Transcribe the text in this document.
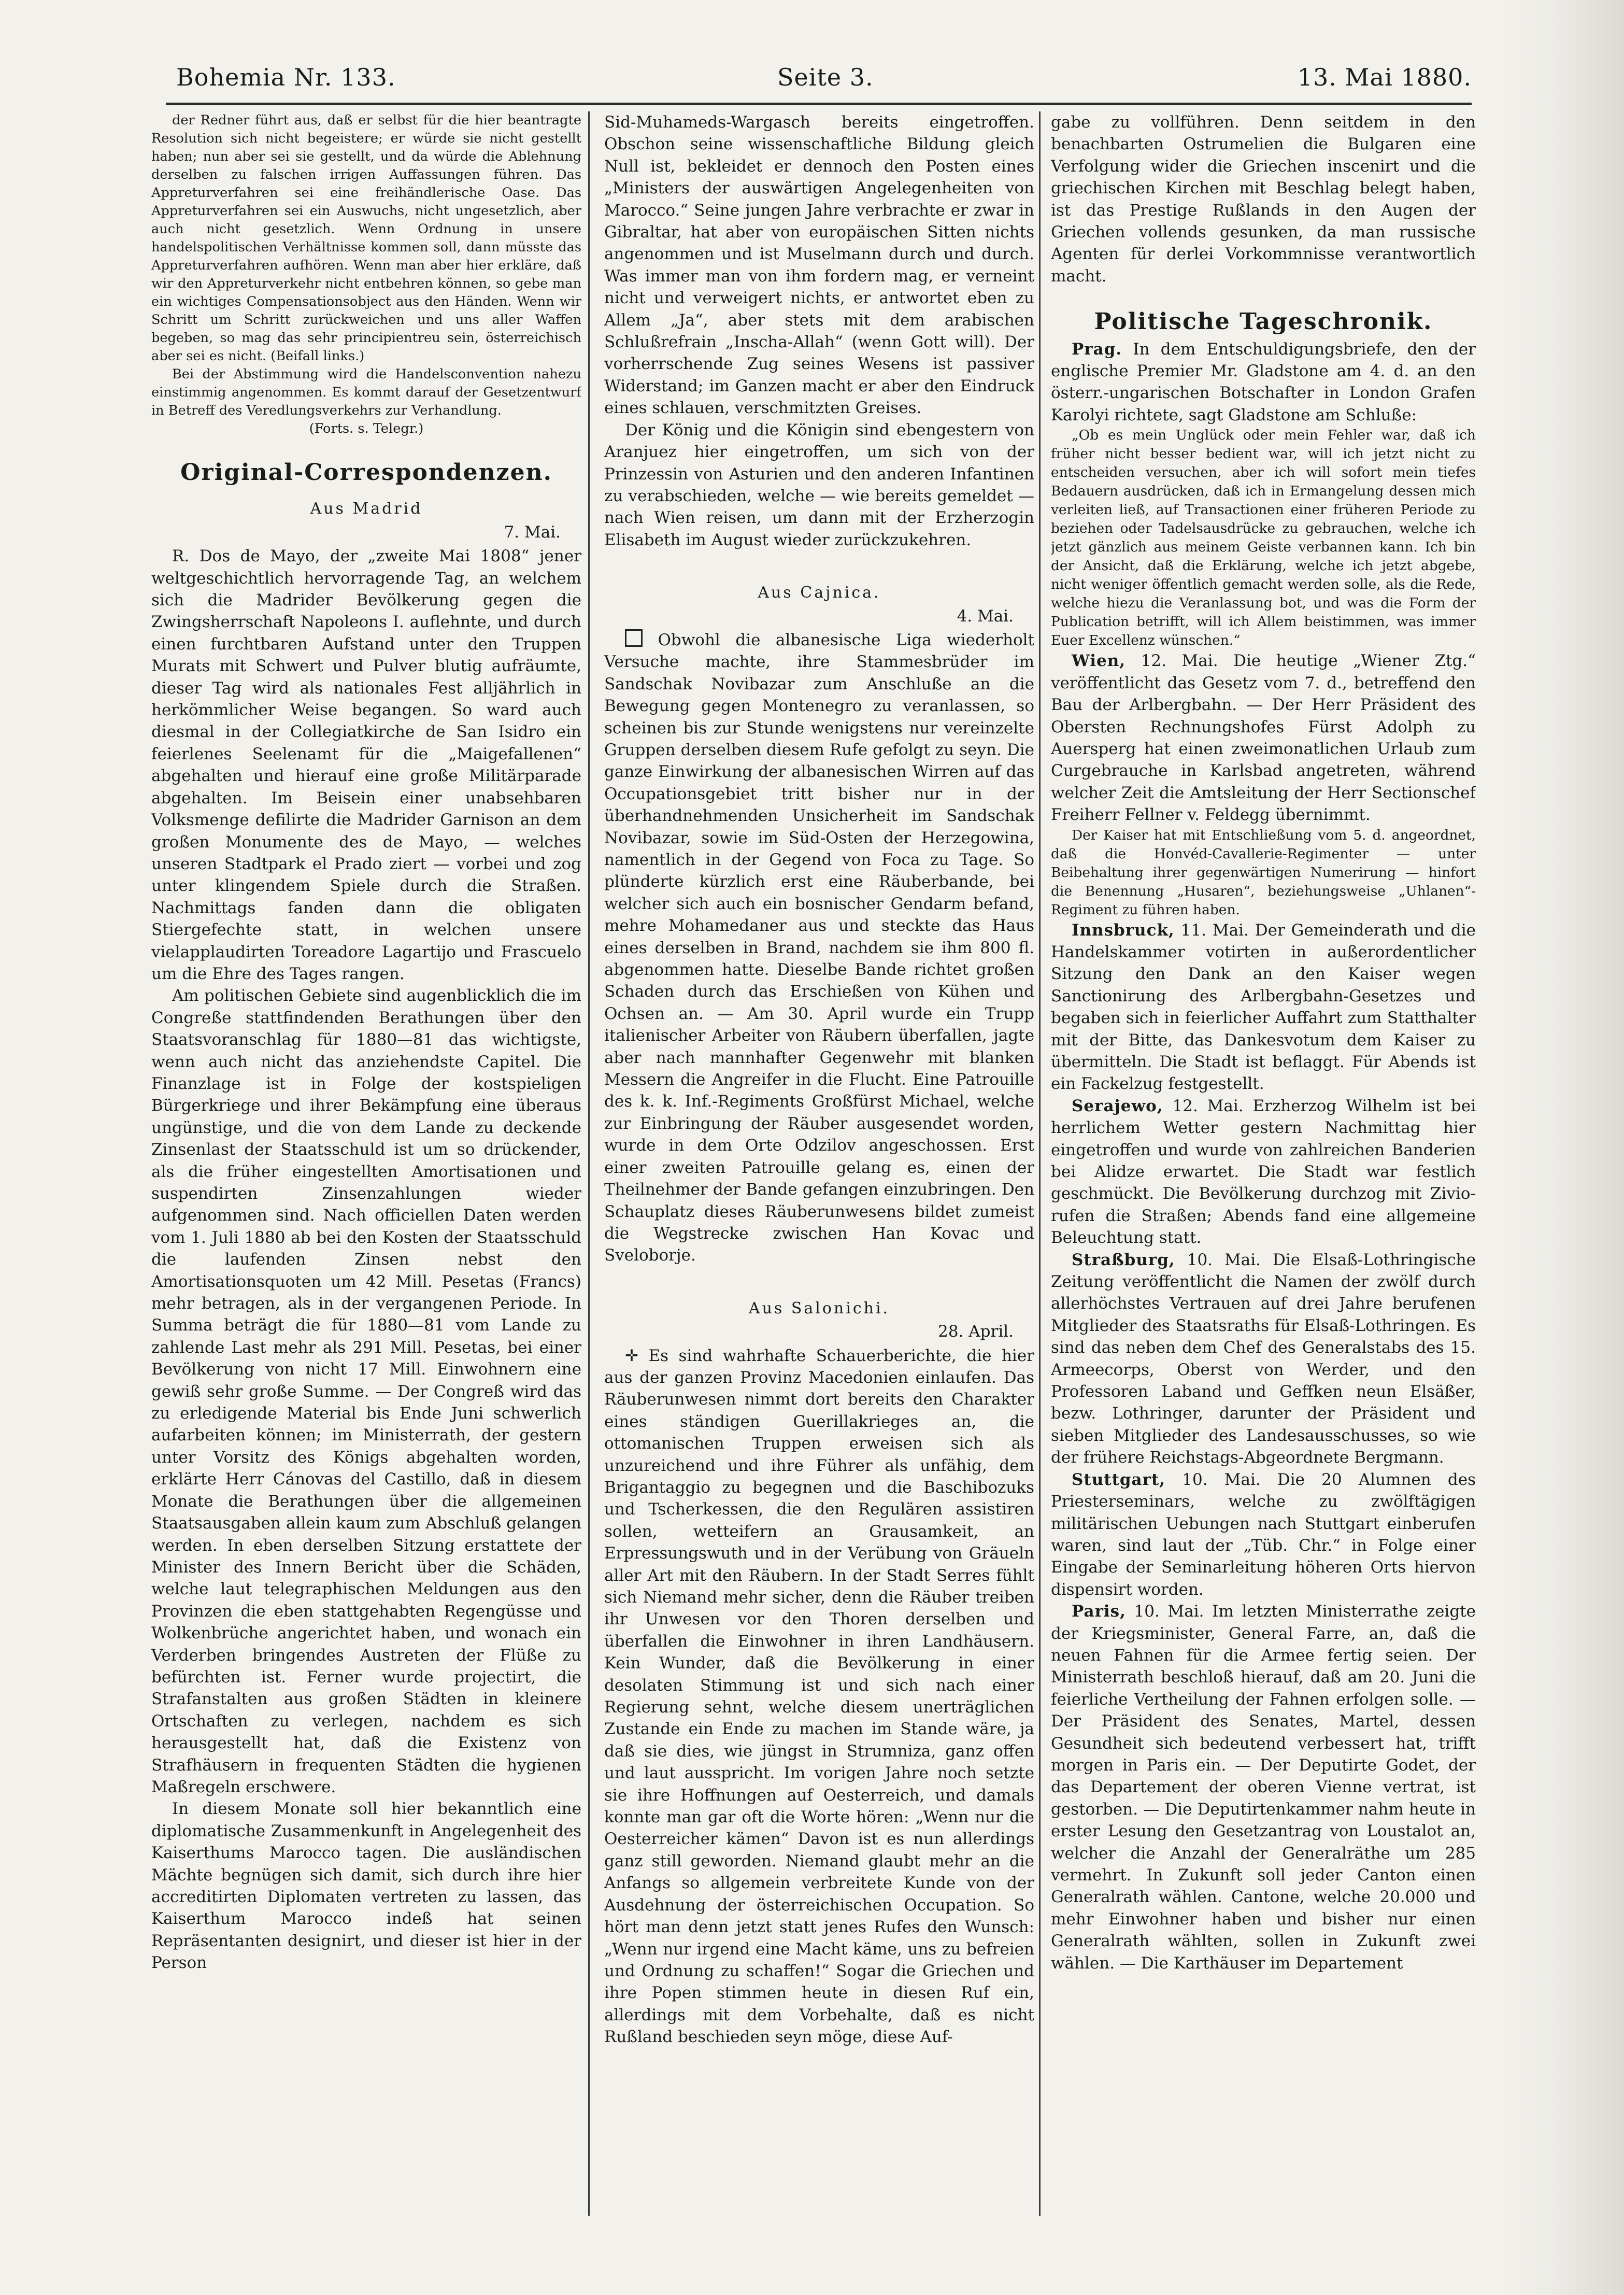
Bohemia Nr. 133.	Seite 3.	13. Mai 1880.

der Redner führt aus, daß er selbst für die hier beantragte Resolution sich nicht begeistere; er würde sie nicht gestellt haben; nun aber sei sie gestellt, und da würde die Ablehnung derselben zu falschen irrigen Auffassungen führen. Das Appreturverfahren sei eine freihändlerische Oase. Das Appreturverfahren sei ein Auswuchs, nicht ungesetzlich, aber auch nicht gesetzlich. Wenn Ordnung in unsere handelspolitischen Verhältnisse kommen soll, dann müsste das Appreturverfahren aufhören. Wenn man aber hier erkläre, daß wir den Appreturverkehr nicht entbehren können, so gebe man ein wichtiges Compensationsobject aus den Händen. Wenn wir Schritt um Schritt zurückweichen und uns aller Waffen begeben, so mag das sehr principientreu sein, österreichisch aber sei es nicht. (Beifall links.)

Bei der Abstimmung wird die Handelsconvention nahezu einstimmig angenommen. Es kommt darauf der Gesetzentwurf in Betreff des Veredlungsverkehrs zur Verhandlung.

(Forts. s. Telegr.)

Original-Correspondenzen.
Aus Madrid
7. Mai.

R. Dos de Mayo, der „zweite Mai 1808“ jener weltgeschichtlich hervorragende Tag, an welchem sich die Madrider Bevölkerung gegen die Zwingsherrschaft Napoleons I. auflehnte, und durch einen furchtbaren Aufstand unter den Truppen Murats mit Schwert und Pulver blutig aufräumte, dieser Tag wird als nationales Fest alljährlich in herkömmlicher Weise begangen. So ward auch diesmal in der Collegiatkirche de San Isidro ein feierlenes Seelenamt für die „Maigefallenen“ abgehalten und hierauf eine große Militärparade abgehalten. Im Beisein einer unabsehbaren Volksmenge defilirte die Madrider Garnison an dem großen Monumente des de Mayo, — welches unseren Stadtpark el Prado ziert — vorbei und zog unter klingendem Spiele durch die Straßen. Nachmittags fanden dann die obligaten Stiergefechte statt, in welchen unsere vielapplaudirten Toreadore Lagartijo und Frascuelo um die Ehre des Tages rangen.

Am politischen Gebiete sind augenblicklich die im Congreße stattfindenden Berathungen über den Staatsvoranschlag für 1880—81 das wichtigste, wenn auch nicht das anziehendste Capitel. Die Finanzlage ist in Folge der kostspieligen Bürgerkriege und ihrer Bekämpfung eine überaus ungünstige, und die von dem Lande zu deckende Zinsenlast der Staatsschuld ist um so drückender, als die früher eingestellten Amortisationen und suspendirten Zinsenzahlungen wieder aufgenommen sind. Nach officiellen Daten werden vom 1. Juli 1880 ab bei den Kosten der Staatsschuld die laufenden Zinsen nebst den Amortisationsquoten um 42 Mill. Pesetas (Francs) mehr betragen, als in der vergangenen Periode. In Summa beträgt die für 1880—81 vom Lande zu zahlende Last mehr als 291 Mill. Pesetas, bei einer Bevölkerung von nicht 17 Mill. Einwohnern eine gewiß sehr große Summe. — Der Congreß wird das zu erledigende Material bis Ende Juni schwerlich aufarbeiten können; im Ministerrath, der gestern unter Vorsitz des Königs abgehalten worden, erklärte Herr Cánovas del Castillo, daß in diesem Monate die Berathungen über die allgemeinen Staatsausgaben allein kaum zum Abschluß gelangen werden. In eben derselben Sitzung erstattete der Minister des Innern Bericht über die Schäden, welche laut telegraphischen Meldungen aus den Provinzen die eben stattgehabten Regengüsse und Wolkenbrüche angerichtet haben, und wonach ein Verderben bringendes Austreten der Flüße zu befürchten ist. Ferner wurde projectirt, die Strafanstalten aus großen Städten in kleinere Ortschaften zu verlegen, nachdem es sich herausgestellt hat, daß die Existenz von Strafhäusern in frequenten Städten die hygienen Maßregeln erschwere.

In diesem Monate soll hier bekanntlich eine diplomatische Zusammenkunft in Angelegenheit des Kaiserthums Marocco tagen. Die ausländischen Mächte begnügen sich damit, sich durch ihre hier accreditirten Diplomaten vertreten zu lassen, das Kaiserthum Marocco indeß hat seinen Repräsentanten designirt, und dieser ist hier in der Person

Sid-Muhameds-Wargasch bereits eingetroffen. Obschon seine wissenschaftliche Bildung gleich Null ist, bekleidet er dennoch den Posten eines „Ministers der auswärtigen Angelegenheiten von Marocco.“ Seine jungen Jahre verbrachte er zwar in Gibraltar, hat aber von europäischen Sitten nichts angenommen und ist Muselmann durch und durch. Was immer man von ihm fordern mag, er verneint nicht und verweigert nichts, er antwortet eben zu Allem „Ja“, aber stets mit dem arabischen Schlußrefrain „Inscha-Allah“ (wenn Gott will). Der vorherrschende Zug seines Wesens ist passiver Widerstand; im Ganzen macht er aber den Eindruck eines schlauen, verschmitzten Greises.

Der König und die Königin sind ebengestern von Aranjuez hier eingetroffen, um sich von der Prinzessin von Asturien und den anderen Infantinen zu verabschieden, welche — wie bereits gemeldet — nach Wien reisen, um dann mit der Erzherzogin Elisabeth im August wieder zurückzukehren.

Aus Cajnica.
4. Mai.

Obwohl die albanesische Liga wiederholt Versuche machte, ihre Stammesbrüder im Sandschak Novibazar zum Anschluße an die Bewegung gegen Montenegro zu veranlassen, so scheinen bis zur Stunde wenigstens nur vereinzelte Gruppen derselben diesem Rufe gefolgt zu seyn. Die ganze Einwirkung der albanesischen Wirren auf das Occupationsgebiet tritt bisher nur in der überhandnehmenden Unsicherheit im Sandschak Novibazar, sowie im Süd-Osten der Herzegowina, namentlich in der Gegend von Foca zu Tage. So plünderte kürzlich erst eine Räuberbande, bei welcher sich auch ein bosnischer Gendarm befand, mehre Mohamedaner aus und steckte das Haus eines derselben in Brand, nachdem sie ihm 800 fl. abgenommen hatte. Dieselbe Bande richtet großen Schaden durch das Erschießen von Kühen und Ochsen an. — Am 30. April wurde ein Trupp italienischer Arbeiter von Räubern überfallen, jagte aber nach mannhafter Gegenwehr mit blanken Messern die Angreifer in die Flucht. Eine Patrouille des k. k. Inf.-Regiments Großfürst Michael, welche zur Einbringung der Räuber ausgesendet worden, wurde in dem Orte Odzilov angeschossen. Erst einer zweiten Patrouille gelang es, einen der Theilnehmer der Bande gefangen einzubringen. Den Schauplatz dieses Räuberunwesens bildet zumeist die Wegstrecke zwischen Han Kovac und Sveloborje.

Aus Salonichi.
28. April.

✛ Es sind wahrhafte Schauerberichte, die hier aus der ganzen Provinz Macedonien einlaufen. Das Räuberunwesen nimmt dort bereits den Charakter eines ständigen Guerillakrieges an, die ottomanischen Truppen erweisen sich als unzureichend und ihre Führer als unfähig, dem Brigantaggio zu begegnen und die Baschibozuks und Tscherkessen, die den Regulären assistiren sollen, wetteifern an Grausamkeit, an Erpressungswuth und in der Verübung von Gräueln aller Art mit den Räubern. In der Stadt Serres fühlt sich Niemand mehr sicher, denn die Räuber treiben ihr Unwesen vor den Thoren derselben und überfallen die Einwohner in ihren Landhäusern. Kein Wunder, daß die Bevölkerung in einer desolaten Stimmung ist und sich nach einer Regierung sehnt, welche diesem unerträglichen Zustande ein Ende zu machen im Stande wäre, ja daß sie dies, wie jüngst in Strumniza, ganz offen und laut ausspricht. Im vorigen Jahre noch setzte sie ihre Hoffnungen auf Oesterreich, und damals konnte man gar oft die Worte hören: „Wenn nur die Oesterreicher kämen“ Davon ist es nun allerdings ganz still geworden. Niemand glaubt mehr an die Anfangs so allgemein verbreitete Kunde von der Ausdehnung der österreichischen Occupation. So hört man denn jetzt statt jenes Rufes den Wunsch: „Wenn nur irgend eine Macht käme, uns zu befreien und Ordnung zu schaffen!“ Sogar die Griechen und ihre Popen stimmen heute in diesen Ruf ein, allerdings mit dem Vorbehalte, daß es nicht Rußland beschieden seyn möge, diese Auf-

gabe zu vollführen. Denn seitdem in den benachbarten Ostrumelien die Bulgaren eine Verfolgung wider die Griechen inscenirt und die griechischen Kirchen mit Beschlag belegt haben, ist das Prestige Rußlands in den Augen der Griechen vollends gesunken, da man russische Agenten für derlei Vorkommnisse verantwortlich macht.

Politische Tageschronik.

Prag. In dem Entschuldigungsbriefe, den der englische Premier Mr. Gladstone am 4. d. an den österr.-ungarischen Botschafter in London Grafen Karolyi richtete, sagt Gladstone am Schluße:

„Ob es mein Unglück oder mein Fehler war, daß ich früher nicht besser bedient war, will ich jetzt nicht zu entscheiden versuchen, aber ich will sofort mein tiefes Bedauern ausdrücken, daß ich in Ermangelung dessen mich verleiten ließ, auf Transactionen einer früheren Periode zu beziehen oder Tadelsausdrücke zu gebrauchen, welche ich jetzt gänzlich aus meinem Geiste verbannen kann. Ich bin der Ansicht, daß die Erklärung, welche ich jetzt abgebe, nicht weniger öffentlich gemacht werden solle, als die Rede, welche hiezu die Veranlassung bot, und was die Form der Publication betrifft, will ich Allem beistimmen, was immer Euer Excellenz wünschen.“

Wien, 12. Mai. Die heutige „Wiener Ztg.“ veröffentlicht das Gesetz vom 7. d., betreffend den Bau der Arlbergbahn. — Der Herr Präsident des Obersten Rechnungshofes Fürst Adolph zu Auersperg hat einen zweimonatlichen Urlaub zum Curgebrauche in Karlsbad angetreten, während welcher Zeit die Amtsleitung der Herr Sectionschef Freiherr Fellner v. Feldegg übernimmt.

Der Kaiser hat mit Entschließung vom 5. d. angeordnet, daß die Honvéd-Cavallerie-Regimenter — unter Beibehaltung ihrer gegenwärtigen Numerirung — hinfort die Benennung „Husaren“, beziehungsweise „Uhlanen“-Regiment zu führen haben.

Innsbruck, 11. Mai. Der Gemeinderath und die Handelskammer votirten in außerordentlicher Sitzung den Dank an den Kaiser wegen Sanctionirung des Arlbergbahn-Gesetzes und begaben sich in feierlicher Auffahrt zum Statthalter mit der Bitte, das Dankesvotum dem Kaiser zu übermitteln. Die Stadt ist beflaggt. Für Abends ist ein Fackelzug festgestellt.

Serajewo, 12. Mai. Erzherzog Wilhelm ist bei herrlichem Wetter gestern Nachmittag hier eingetroffen und wurde von zahlreichen Banderien bei Alidze erwartet. Die Stadt war festlich geschmückt. Die Bevölkerung durchzog mit Zivio-rufen die Straßen; Abends fand eine allgemeine Beleuchtung statt.

Straßburg, 10. Mai. Die Elsaß-Lothringische Zeitung veröffentlicht die Namen der zwölf durch allerhöchstes Vertrauen auf drei Jahre berufenen Mitglieder des Staatsraths für Elsaß-Lothringen. Es sind das neben dem Chef des Generalstabs des 15. Armeecorps, Oberst von Werder, und den Professoren Laband und Geffken neun Elsäßer, bezw. Lothringer, darunter der Präsident und sieben Mitglieder des Landesausschusses, so wie der frühere Reichstags-Abgeordnete Bergmann.

Stuttgart, 10. Mai. Die 20 Alumnen des Priesterseminars, welche zu zwölftägigen militärischen Uebungen nach Stuttgart einberufen waren, sind laut der „Tüb. Chr.“ in Folge einer Eingabe der Seminarleitung höheren Orts hiervon dispensirt worden.

Paris, 10. Mai. Im letzten Ministerrathe zeigte der Kriegsminister, General Farre, an, daß die neuen Fahnen für die Armee fertig seien. Der Ministerrath beschloß hierauf, daß am 20. Juni die feierliche Vertheilung der Fahnen erfolgen solle. — Der Präsident des Senates, Martel, dessen Gesundheit sich bedeutend verbessert hat, trifft morgen in Paris ein. — Der Deputirte Godet, der das Departement der oberen Vienne vertrat, ist gestorben. — Die Deputirtenkammer nahm heute in erster Lesung den Gesetzantrag von Loustalot an, welcher die Anzahl der Generalräthe um 285 vermehrt. In Zukunft soll jeder Canton einen Generalrath wählen. Cantone, welche 20.000 und mehr Einwohner haben und bisher nur einen Generalrath wählten, sollen in Zukunft zwei wählen. — Die Karthäuser im Departement
